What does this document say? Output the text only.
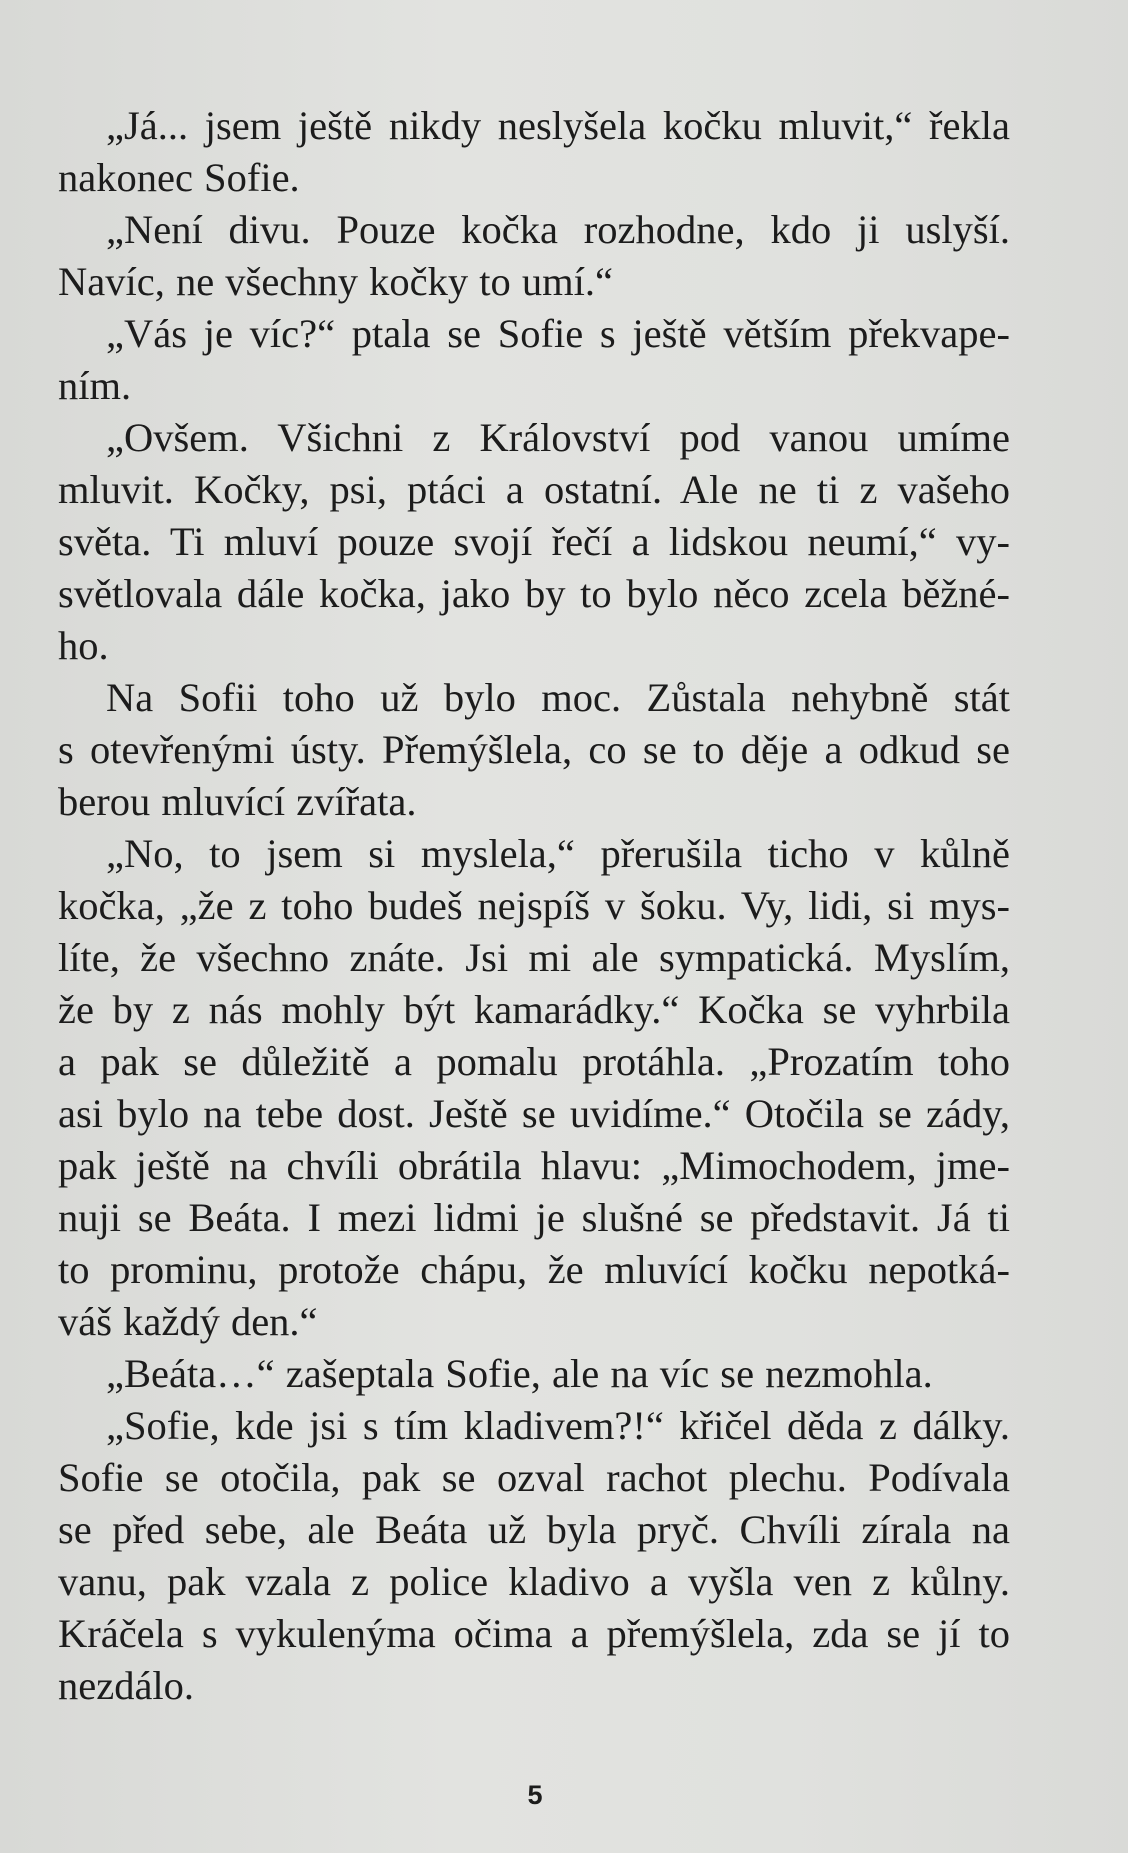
„Já... jsem ještě nikdy neslyšela kočku mluvit,“ řekla
nakonec Sofie.

„Není divu. Pouze kočka rozhodne, kdo ji uslyší.
Navíc, ne všechny kočky to umí.“

„Vás je víc?“ ptala se Sofie s ještě větším překvape-
ním.

„Ovšem. Všichni z Království pod vanou umíme
mluvit. Kočky, psi, ptáci a ostatní. Ale ne ti z vašeho
světa. Ti mluví pouze svojí řečí a lidskou neumí,“ vy-
světlovala dále kočka, jako by to bylo něco zcela běžné-
ho.

Na Sofii toho už bylo moc. Zůstala nehybně stát
s otevřenými ústy. Přemýšlela, co se to děje a odkud se
berou mluvící zvířata.

„No, to jsem si myslela,“ přerušila ticho v kůlně
kočka, „že z toho budeš nejspíš v šoku. Vy, lidi, si mys-
líte, že všechno znáte. Jsi mi ale sympatická. Myslím,
že by z nás mohly být kamarádky.“ Kočka se vyhrbila
a pak se důležitě a pomalu protáhla. „Prozatím toho
asi bylo na tebe dost. Ještě se uvidíme.“ Otočila se zády,
pak ještě na chvíli obrátila hlavu: „Mimochodem, jme-
nuji se Beáta. I mezi lidmi je slušné se představit. Já ti
to prominu, protože chápu, že mluvící kočku nepotká-
váš každý den.“

„Beáta…“ zašeptala Sofie, ale na víc se nezmohla.

„Sofie, kde jsi s tím kladivem?!“ křičel děda z dálky.
Sofie se otočila, pak se ozval rachot plechu. Podívala
se před sebe, ale Beáta už byla pryč. Chvíli zírala na
vanu, pak vzala z police kladivo a vyšla ven z kůlny.
Kráčela s vykulenýma očima a přemýšlela, zda se jí to
nezdálo.

5
